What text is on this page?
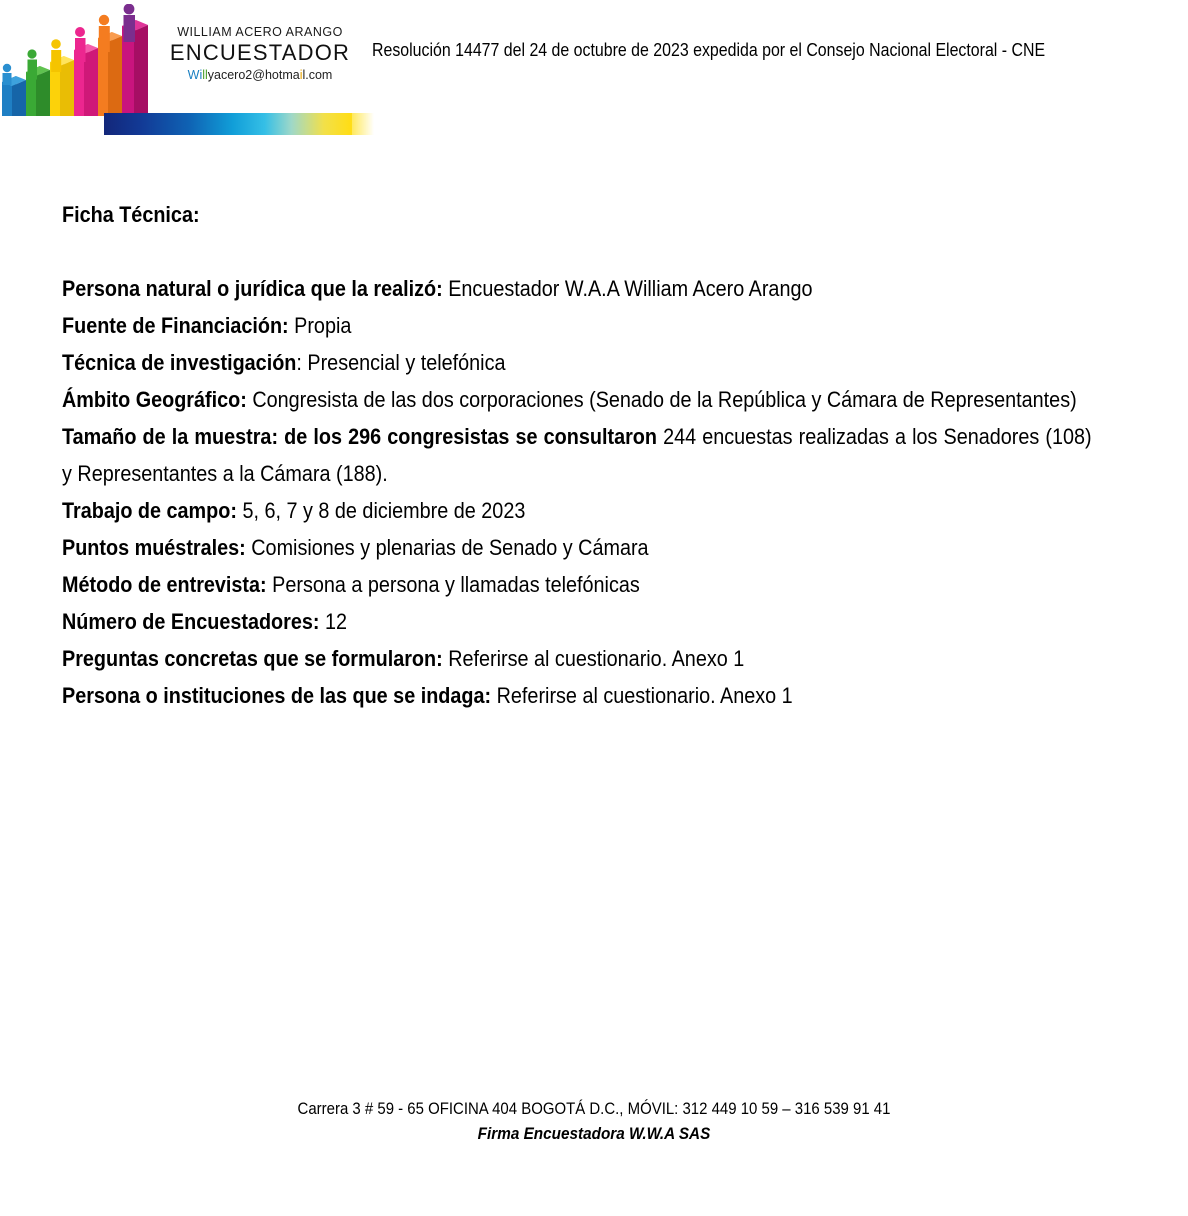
WILLIAM ACERO ARANGO
ENCUESTADOR
Willyacero2@hotmail.com
Resolución 14477 del 24 de octubre de 2023 expedida por el Consejo Nacional Electoral - CNE
Ficha Técnica:
Persona natural o jurídica que la realizó: Encuestador W.A.A William Acero Arango
Fuente de Financiación: Propia
Técnica de investigación: Presencial y telefónica
Ámbito Geográfico: Congresista de las dos corporaciones (Senado de la República y Cámara de Representantes)
Tamaño de la muestra: de los 296 congresistas se consultaron 244 encuestas realizadas a los Senadores (108) y Representantes a la Cámara (188).
Trabajo de campo: 5, 6, 7 y 8 de diciembre de 2023
Puntos muéstrales: Comisiones y plenarias de Senado y Cámara
Método de entrevista: Persona a persona y llamadas telefónicas
Número de Encuestadores: 12
Preguntas concretas que se formularon: Referirse al cuestionario. Anexo 1
Persona o instituciones de las que se indaga: Referirse al cuestionario. Anexo 1
Carrera 3 # 59 - 65 OFICINA 404 BOGOTÁ D.C., MÓVIL: 312 449 10 59 – 316 539 91 41
Firma Encuestadora W.W.A SAS
